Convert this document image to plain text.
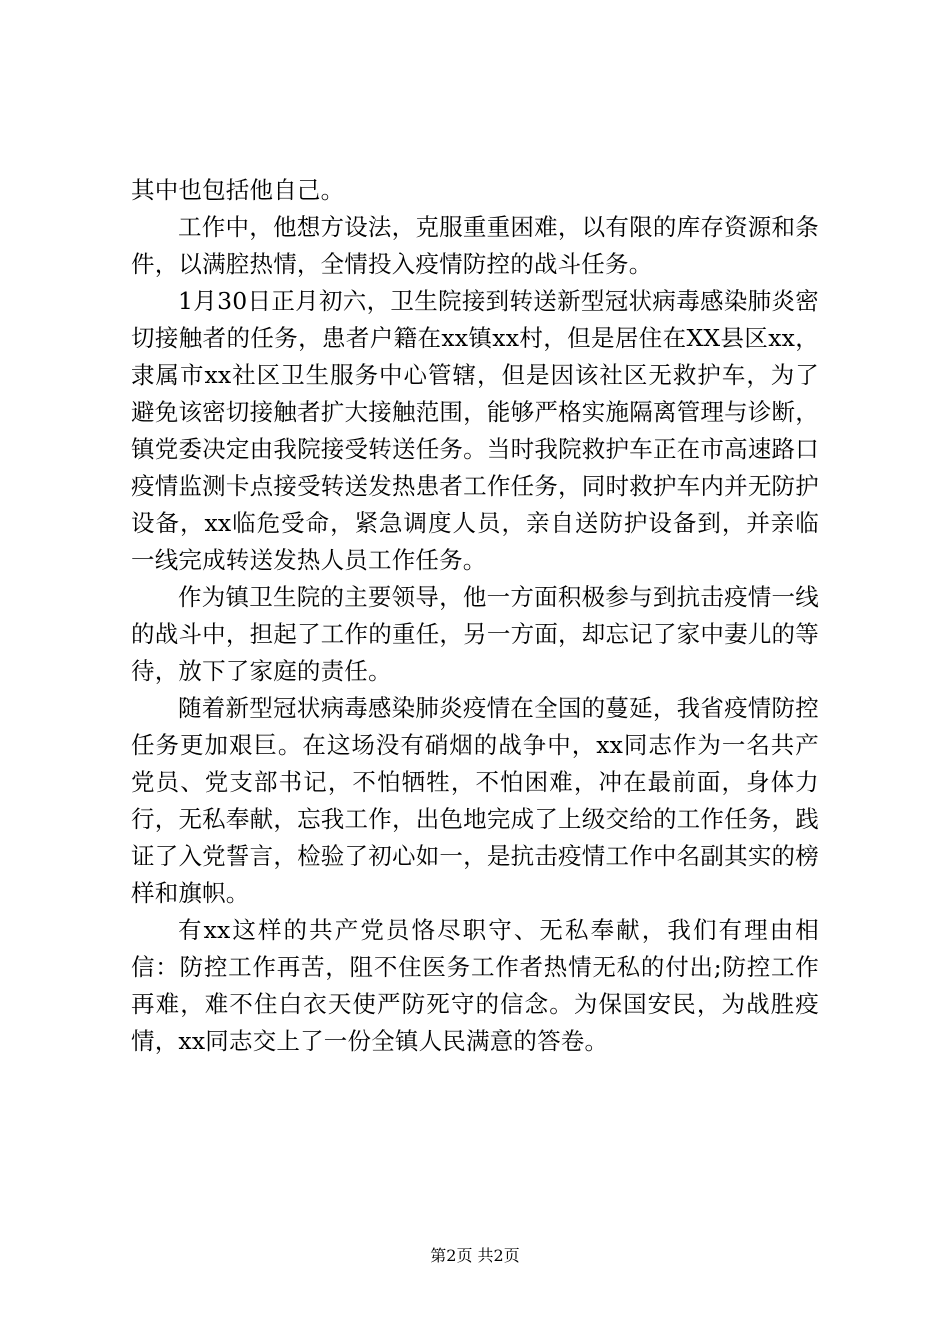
其中也包括他自己。

工作中，他想方设法，克服重重困难，以有限的库存资源和条件，以满腔热情，全情投入疫情防控的战斗任务。

1月30日正月初六，卫生院接到转送新型冠状病毒感染肺炎密切接触者的任务，患者户籍在xx镇xx村，但是居住在XX县区xx，隶属市xx社区卫生服务中心管辖，但是因该社区无救护车，为了避免该密切接触者扩大接触范围，能够严格实施隔离管理与诊断，镇党委决定由我院接受转送任务。当时我院救护车正在市高速路口疫情监测卡点接受转送发热患者工作任务，同时救护车内并无防护设备，xx临危受命，紧急调度人员，亲自送防护设备到，并亲临一线完成转送发热人员工作任务。

作为镇卫生院的主要领导，他一方面积极参与到抗击疫情一线的战斗中，担起了工作的重任，另一方面，却忘记了家中妻儿的等待，放下了家庭的责任。

随着新型冠状病毒感染肺炎疫情在全国的蔓延，我省疫情防控任务更加艰巨。在这场没有硝烟的战争中，xx同志作为一名共产党员、党支部书记，不怕牺牲，不怕困难，冲在最前面，身体力行，无私奉献，忘我工作，出色地完成了上级交给的工作任务，践证了入党誓言，检验了初心如一，是抗击疫情工作中名副其实的榜样和旗帜。

有xx这样的共产党员恪尽职守、无私奉献，我们有理由相信：防控工作再苦，阻不住医务工作者热情无私的付出;防控工作再难，难不住白衣天使严防死守的信念。为保国安民，为战胜疫情，xx同志交上了一份全镇人民满意的答卷。

第2页 共2页
